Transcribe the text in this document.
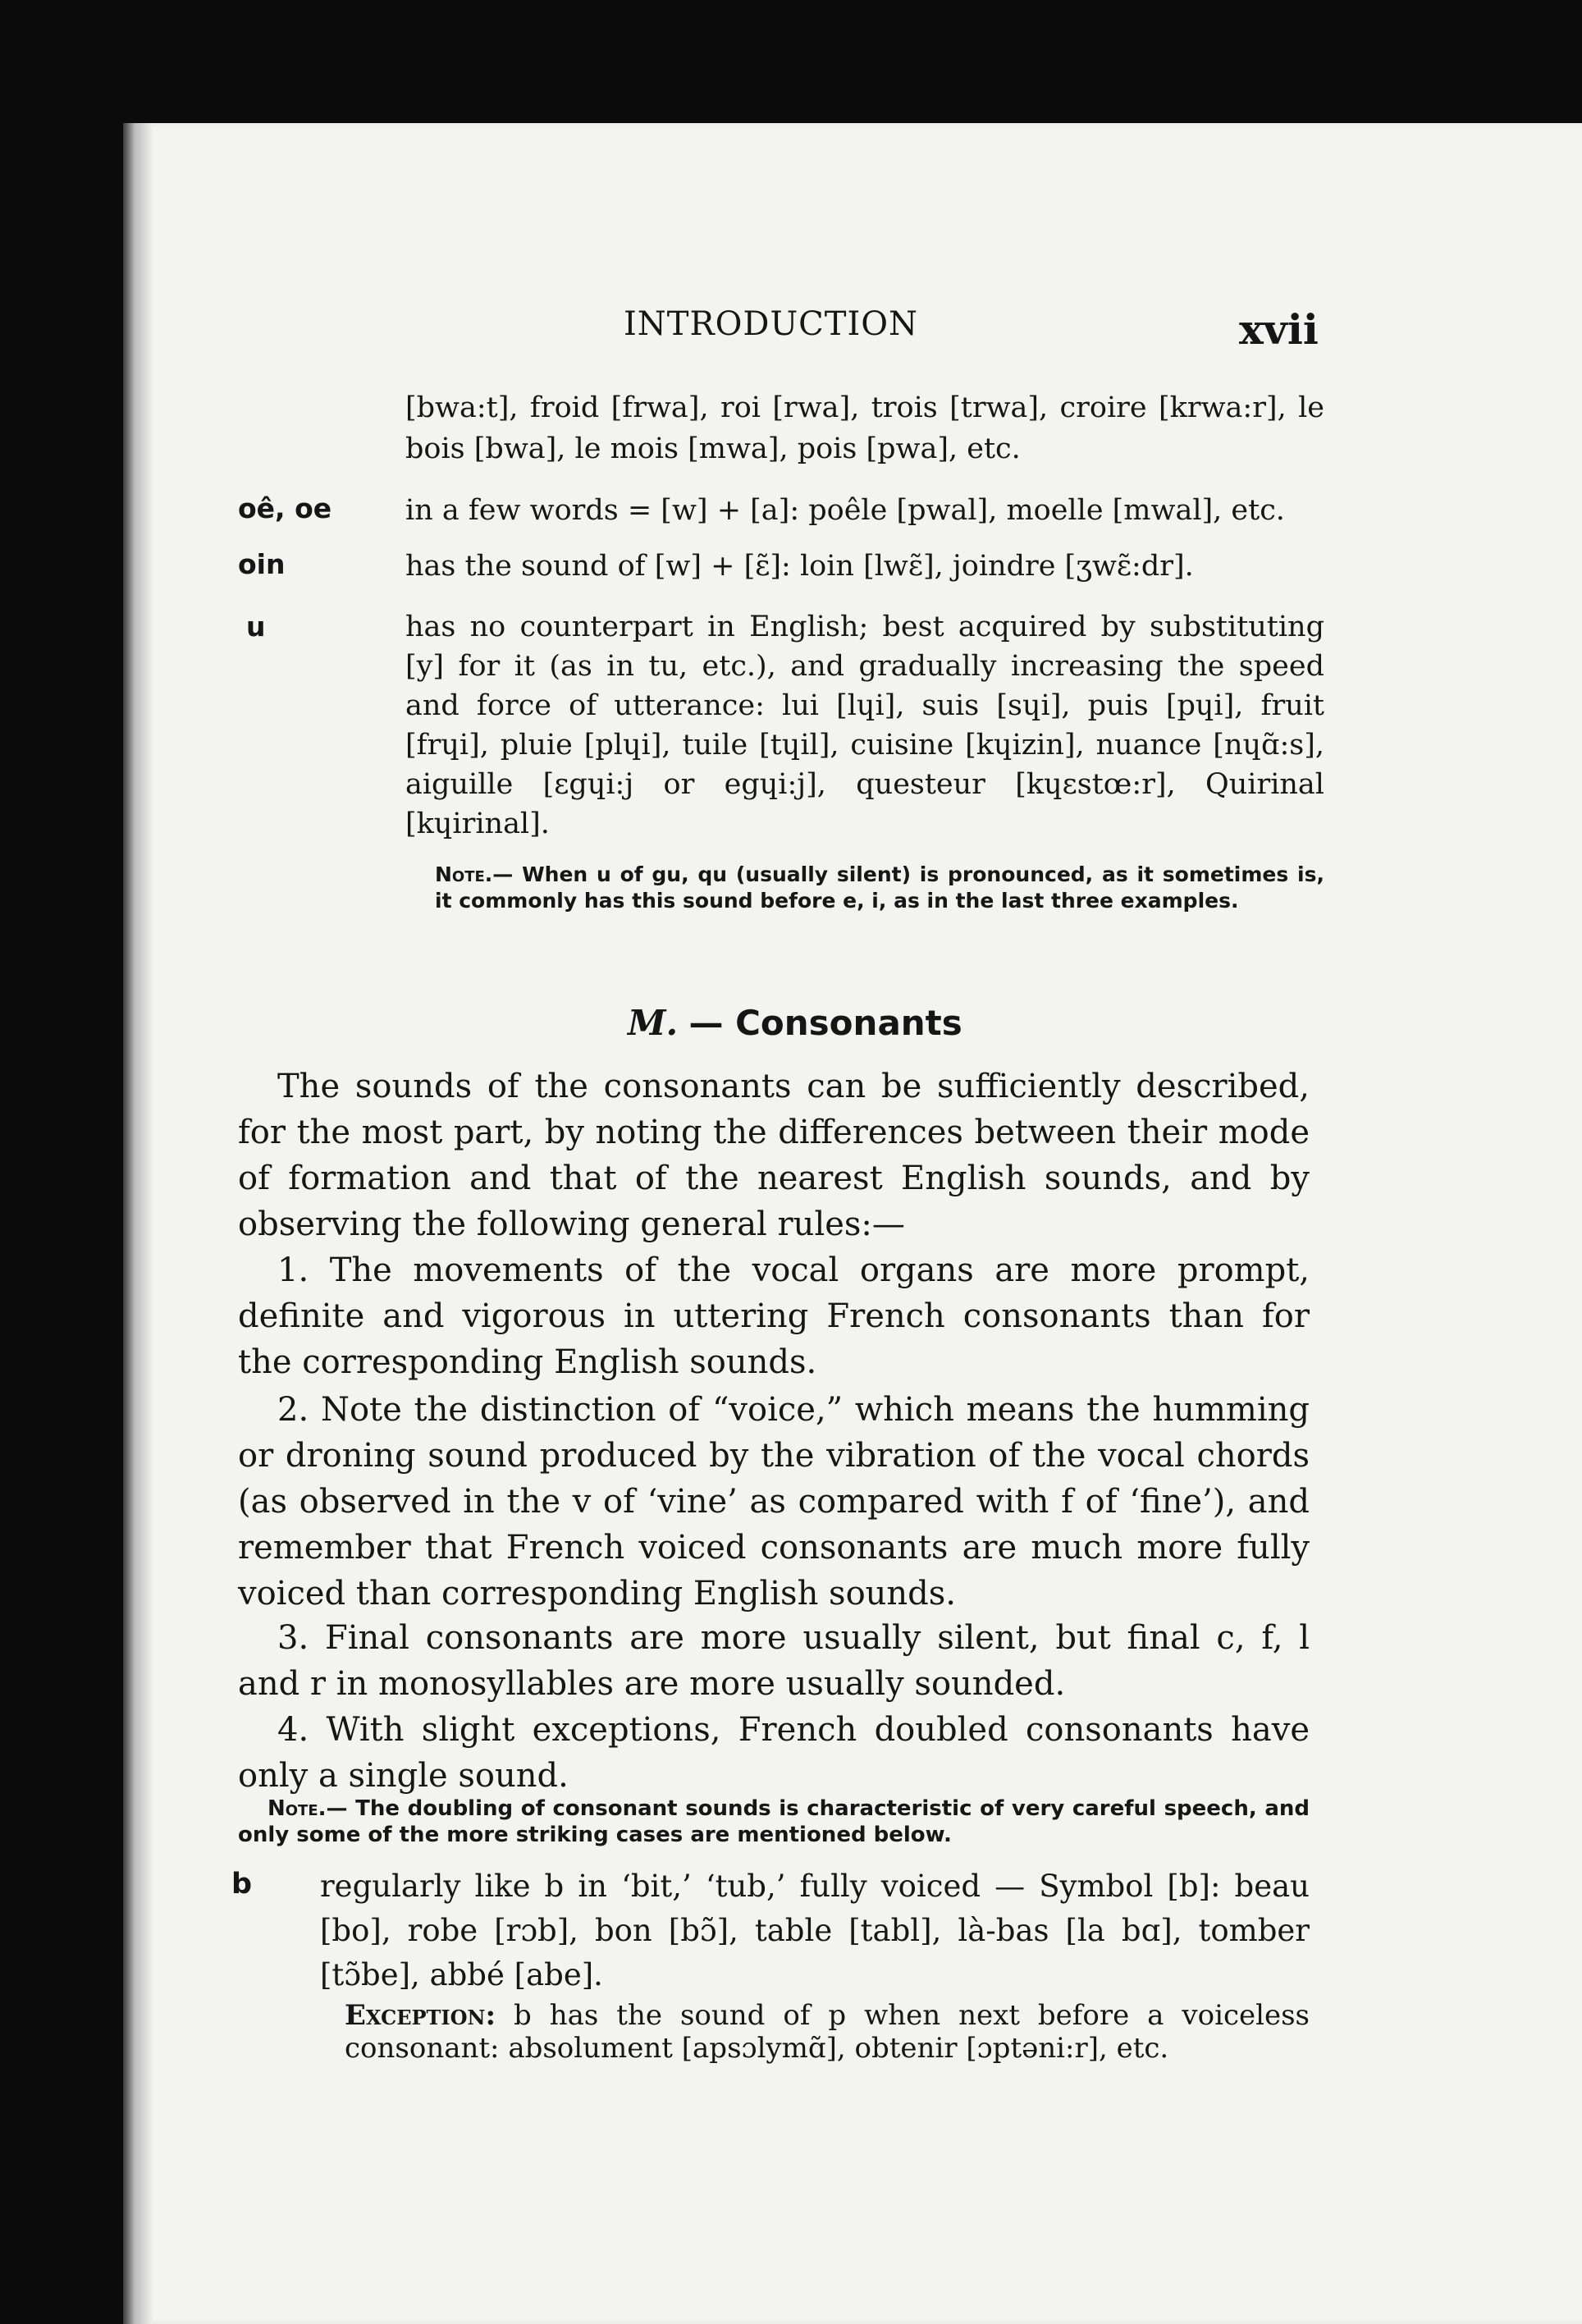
INTRODUCTION	xvii
[bwa:t], froid [frwa], roi [rwa], trois [trwa], croire [krwa:r], le bois [bwa], le mois [mwa], pois [pwa], etc.
oê, oe	in a few words = [w] + [a]: poêle [pwal], moelle [mwal], etc.
oin	has the sound of [w] + [ɛ̃]: loin [lwɛ̃], joindre [ʒwɛ̃:dr].
u	has no counterpart in English; best acquired by substituting [y] for it (as in tu, etc.), and gradually increasing the speed and force of utterance: lui [lɥi], suis [sɥi], puis [pɥi], fruit [frɥi], pluie [plɥi], tuile [tɥil], cuisine [kɥizin], nuance [nɥɑ̃:s], aiguille [ɛgɥi:j or egɥi:j], questeur [kɥɛstœ:r], Quirinal [kɥirinal].
Note.— When u of gu, qu (usually silent) is pronounced, as it sometimes is, it commonly has this sound before e, i, as in the last three examples.
M. — Consonants
The sounds of the consonants can be sufficiently described, for the most part, by noting the differences between their mode of formation and that of the nearest English sounds, and by observing the following general rules:—
1. The movements of the vocal organs are more prompt, definite and vigorous in uttering French consonants than for the corresponding English sounds.
2. Note the distinction of “voice,” which means the humming or droning sound produced by the vibration of the vocal chords (as observed in the v of ‘vine’ as compared with f of ‘fine’), and remember that French voiced consonants are much more fully voiced than corresponding English sounds.
3. Final consonants are more usually silent, but final c, f, l and r in monosyllables are more usually sounded.
4. With slight exceptions, French doubled consonants have only a single sound.
Note.— The doubling of consonant sounds is characteristic of very careful speech, and only some of the more striking cases are mentioned below.
b regularly like b in ‘bit,’ ‘tub,’ fully voiced — Symbol [b]: beau [bo], robe [rɔb], bon [bɔ̃], table [tabl], là-bas [la bɑ], tomber [tɔ̃be], abbé [abe].
Exception: b has the sound of p when next before a voiceless consonant: absolument [apsɔlymɑ̃], obtenir [ɔptəni:r], etc.
